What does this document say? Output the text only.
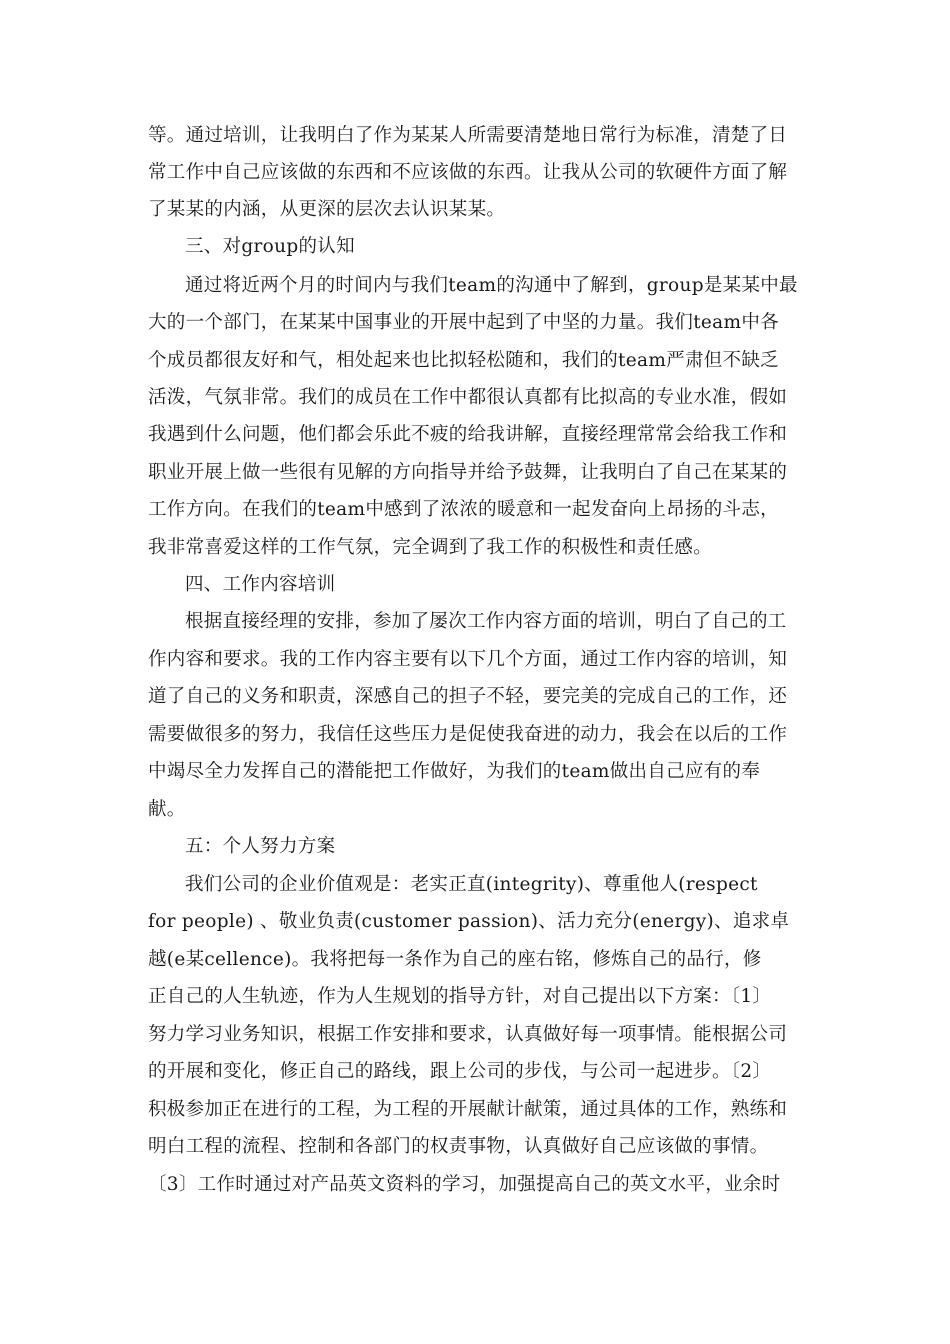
等。通过培训，让我明白了作为某某人所需要清楚地日常行为标准，清楚了日
常工作中自己应该做的东西和不应该做的东西。让我从公司的软硬件方面了解
了某某的内涵，从更深的层次去认识某某。
三、对group的认知
通过将近两个月的时间内与我们team的沟通中了解到，group是某某中最
大的一个部门，在某某中国事业的开展中起到了中坚的力量。我们team中各
个成员都很友好和气，相处起来也比拟轻松随和，我们的team严肃但不缺乏
活泼，气氛非常。我们的成员在工作中都很认真都有比拟高的专业水准，假如
我遇到什么问题，他们都会乐此不疲的给我讲解，直接经理常常会给我工作和
职业开展上做一些很有见解的方向指导并给予鼓舞，让我明白了自己在某某的
工作方向。在我们的team中感到了浓浓的暖意和一起发奋向上昂扬的斗志，
我非常喜爱这样的工作气氛，完全调到了我工作的积极性和责任感。
四、工作内容培训
根据直接经理的安排，参加了屡次工作内容方面的培训，明白了自己的工
作内容和要求。我的工作内容主要有以下几个方面，通过工作内容的培训，知
道了自己的义务和职责，深感自己的担子不轻，要完美的完成自己的工作，还
需要做很多的努力，我信任这些压力是促使我奋进的动力，我会在以后的工作
中竭尽全力发挥自己的潜能把工作做好，为我们的team做出自己应有的奉
献。
五：个人努力方案
我们公司的企业价值观是：老实正直(integrity)、尊重他人(respect
for people) 、敬业负责(customer passion)、活力充分(energy)、追求卓
越(e某cellence)。我将把每一条作为自己的座右铭，修炼自己的品行，修
正自己的人生轨迹，作为人生规划的指导方针，对自己提出以下方案：〔1〕
努力学习业务知识，根据工作安排和要求，认真做好每一项事情。能根据公司
的开展和变化，修正自己的路线，跟上公司的步伐，与公司一起进步。〔2〕
积极参加正在进行的工程，为工程的开展献计献策，通过具体的工作，熟练和
明白工程的流程、控制和各部门的权责事物，认真做好自己应该做的事情。
〔3〕工作时通过对产品英文资料的学习，加强提高自己的英文水平，业余时
